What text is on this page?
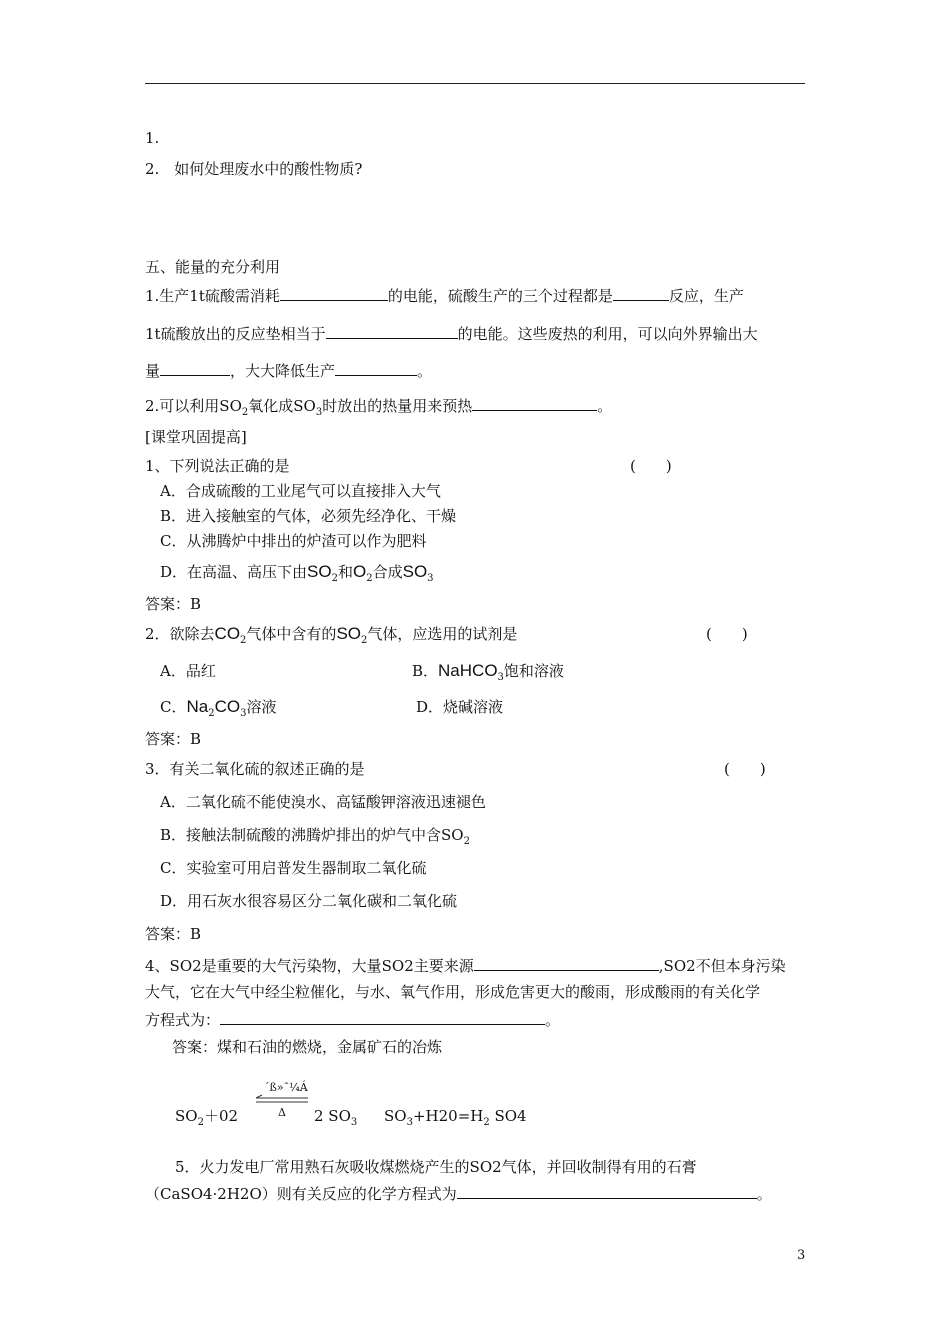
1.
2.　如何处理废水中的酸性物质?
五、能量的充分利用
1.生产1t硫酸需消耗	的电能，硫酸生产的三个过程都是	反应，生产
1t硫酸放出的反应垫相当于	的电能。这些废热的利用，可以向外界输出大
量	，大大降低生产	。
2.可以利用$SO_2$氧化成$SO_3$时放出的热量用来预热	。
[课堂巩固提高]
1、下列说法正确的是	(　　)
A．合成硫酸的工业尾气可以直接排入大气
B．进入接触室的气体，必须先经净化、干燥
C．从沸腾炉中排出的炉渣可以作为肥料
D．在高温、高压下由$SO_2$和$O_2$合成$SO_3$
答案：B
2．欲除去$CO_2$气体中含有的$SO_2$气体，应选用的试剂是	(　　)
A．品红	B．NaHCO$_3$饱和溶液
C．$Na_2CO_3$溶液	D．烧碱溶液
答案：B
3．有关二氧化硫的叙述正确的是	(　　)
A．二氧化硫不能使溴水、高锰酸钾溶液迅速褪色
B．接触法制硫酸的沸腾炉排出的炉气中含$SO_2$
C．实验室可用启普发生器制取二氧化硫
D．用石灰水很容易区分二氧化碳和二氧化硫
答案：B
4、SO2是重要的大气污染物，大量SO2主要来源	,SO2不但本身污染
大气，它在大气中经尘粒催化，与水、氧气作用，形成危害更大的酸雨，形成酸雨的有关化学
方程式为：	。
答案：煤和石油的燃烧，金属矿石的冶炼
´ß»¯¼Á
Δ
$SO_2+02$	2 $SO_3$ $SO_3+H20=H_2$ SO4
5．火力发电厂常用熟石灰吸收煤燃烧产生的SO2气体，并回收制得有用的石膏
（CaSO4·2H2O）则有关反应的化学方程式为	。
3
